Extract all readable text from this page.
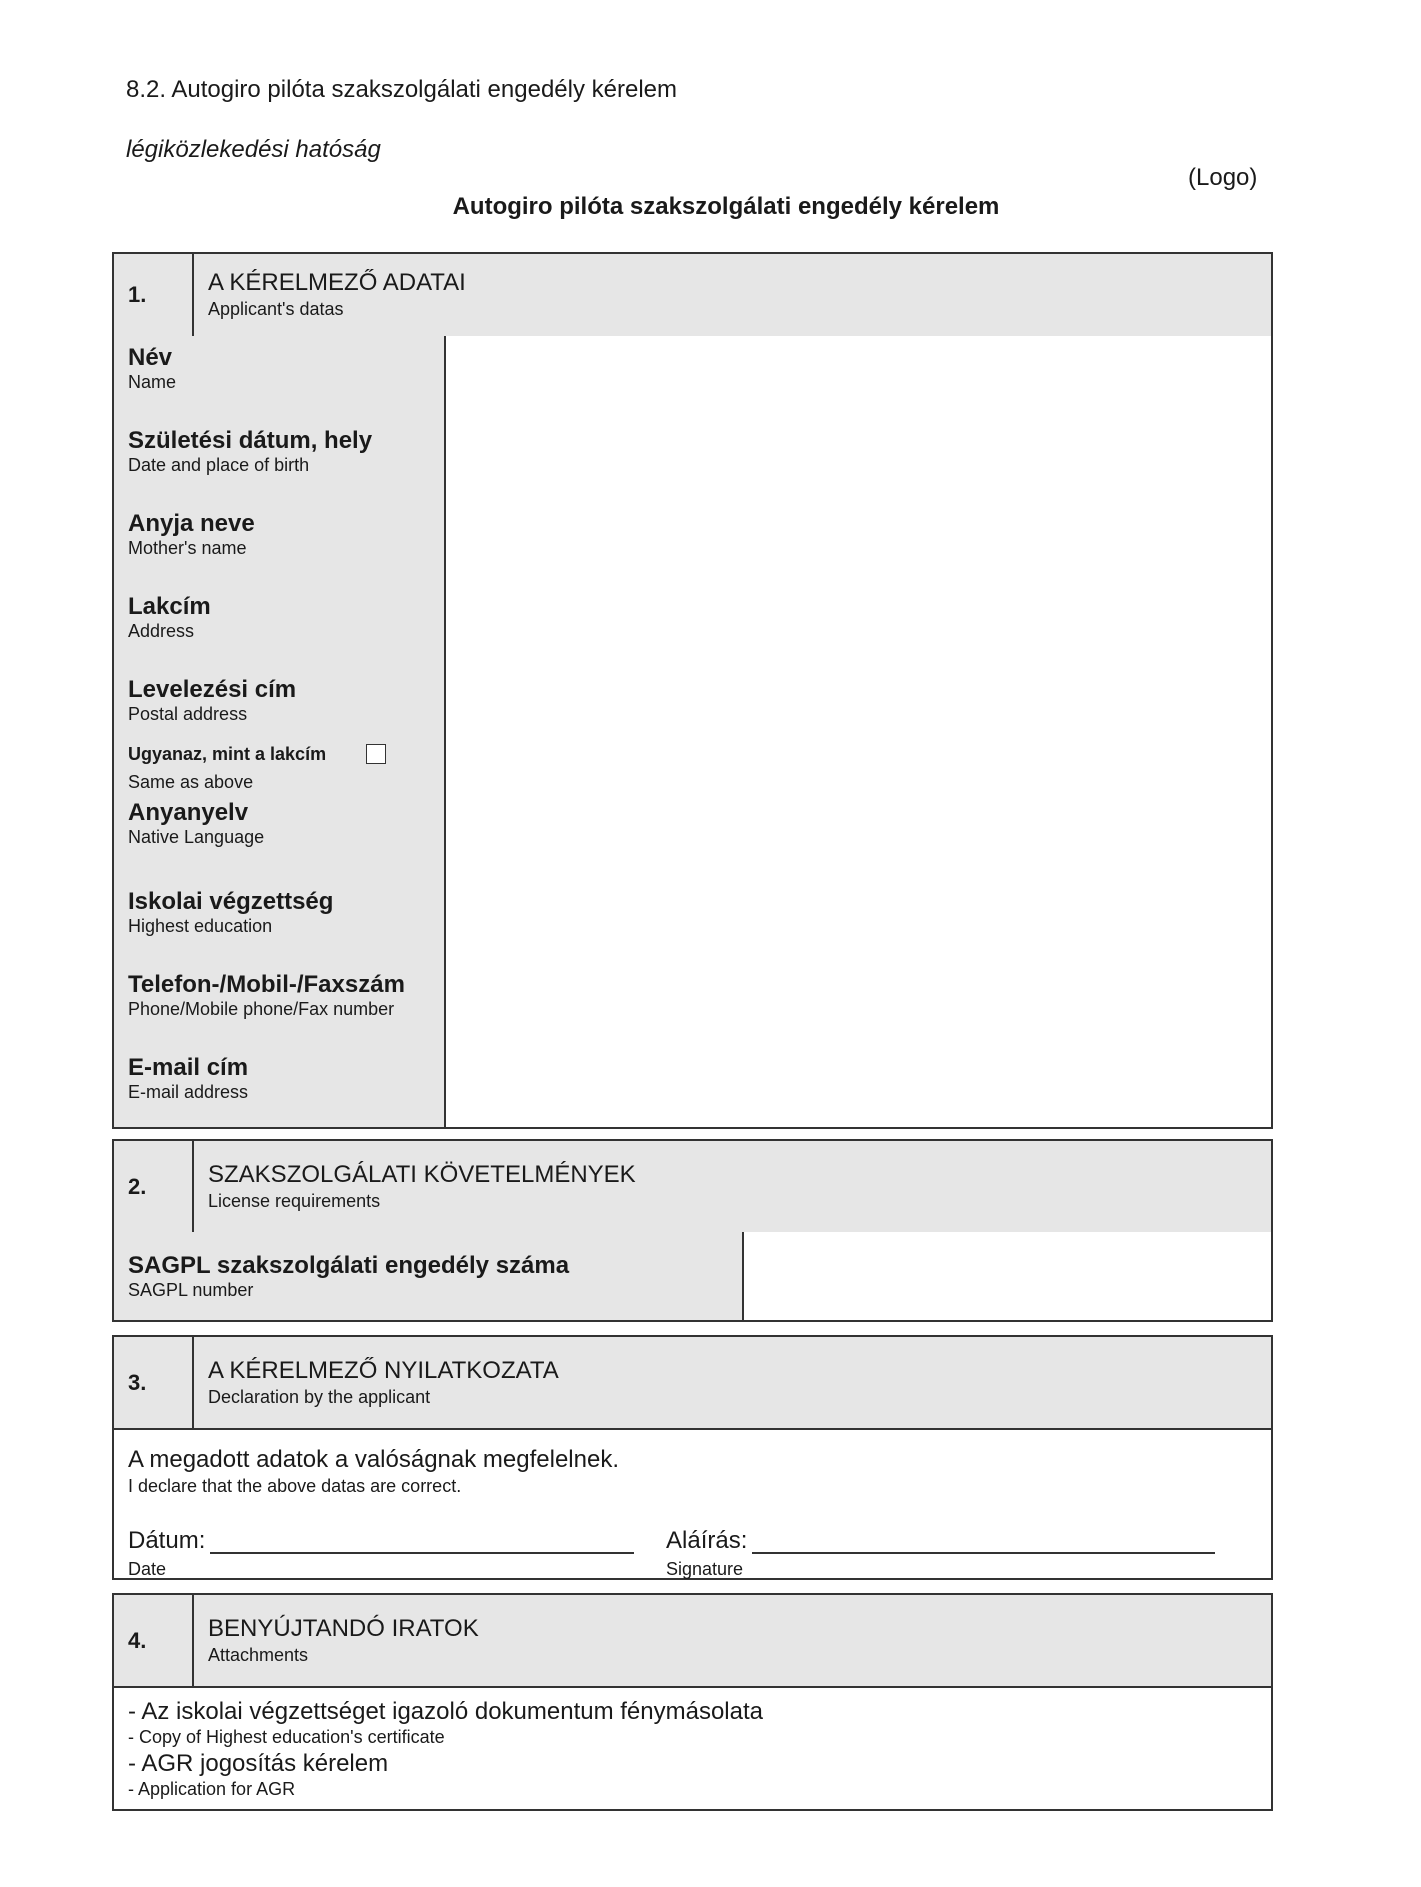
8.2. Autogiro pilóta szakszolgálati engedély kérelem
légiközlekedési hatóság
(Logo)
Autogiro pilóta szakszolgálati engedély kérelem
1.	A KÉRELMEZŐ ADATAI
Applicant's datas
Név
Name
Születési dátum, hely
Date and place of birth
Anyja neve
Mother's name
Lakcím
Address
Levelezési cím
Postal address
Ugyanaz, mint a lakcím
Same as above
Anyanyelv
Native Language
Iskolai végzettség
Highest education
Telefon-/Mobil-/Faxszám
Phone/Mobile phone/Fax number
E-mail cím
E-mail address
2.	SZAKSZOLGÁLATI KÖVETELMÉNYEK
License requirements
SAGPL szakszolgálati engedély száma
SAGPL number
3.	A KÉRELMEZŐ NYILATKOZATA
Declaration by the applicant
A megadott adatok a valóságnak megfelelnek.
I declare that the above datas are correct.
Dátum:
Date
Aláírás:
Signature
4.	BENYÚJTANDÓ IRATOK
Attachments
- Az iskolai végzettséget igazoló dokumentum fénymásolata
- Copy of Highest education's certificate
- AGR jogosítás kérelem
- Application for AGR
